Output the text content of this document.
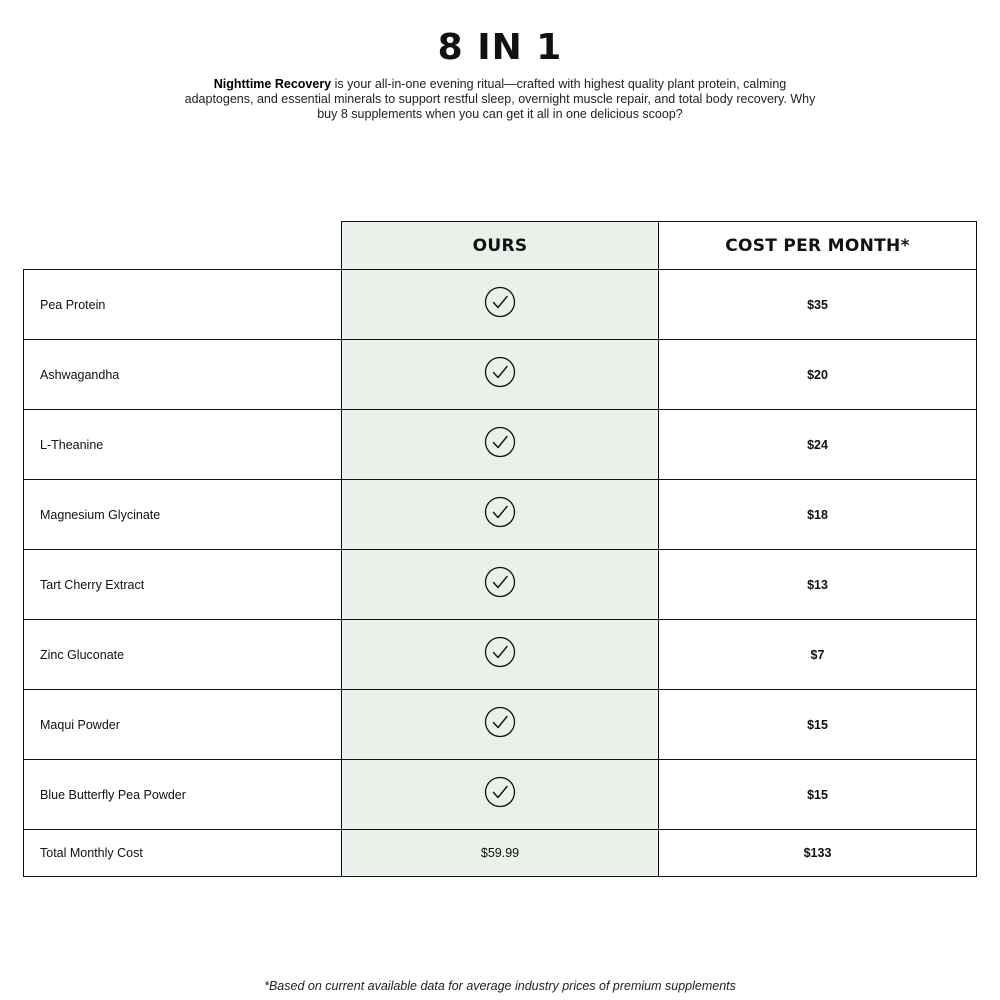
8 IN 1

Nighttime Recovery is your all-in-one evening ritual—crafted with highest quality plant protein, calming adaptogens, and essential minerals to support restful sleep, overnight muscle repair, and total body recovery. Why buy 8 supplements when you can get it all in one delicious scoop?

	OURS	COST PER MONTH*
Pea Protein		$35
Ashwagandha		$20
L-Theanine		$24
Magnesium Glycinate		$18
Tart Cherry Extract		$13
Zinc Gluconate		$7
Maqui Powder		$15
Blue Butterfly Pea Powder		$15
Total Monthly Cost	$59.99	$133

*Based on current available data for average industry prices of premium supplements
